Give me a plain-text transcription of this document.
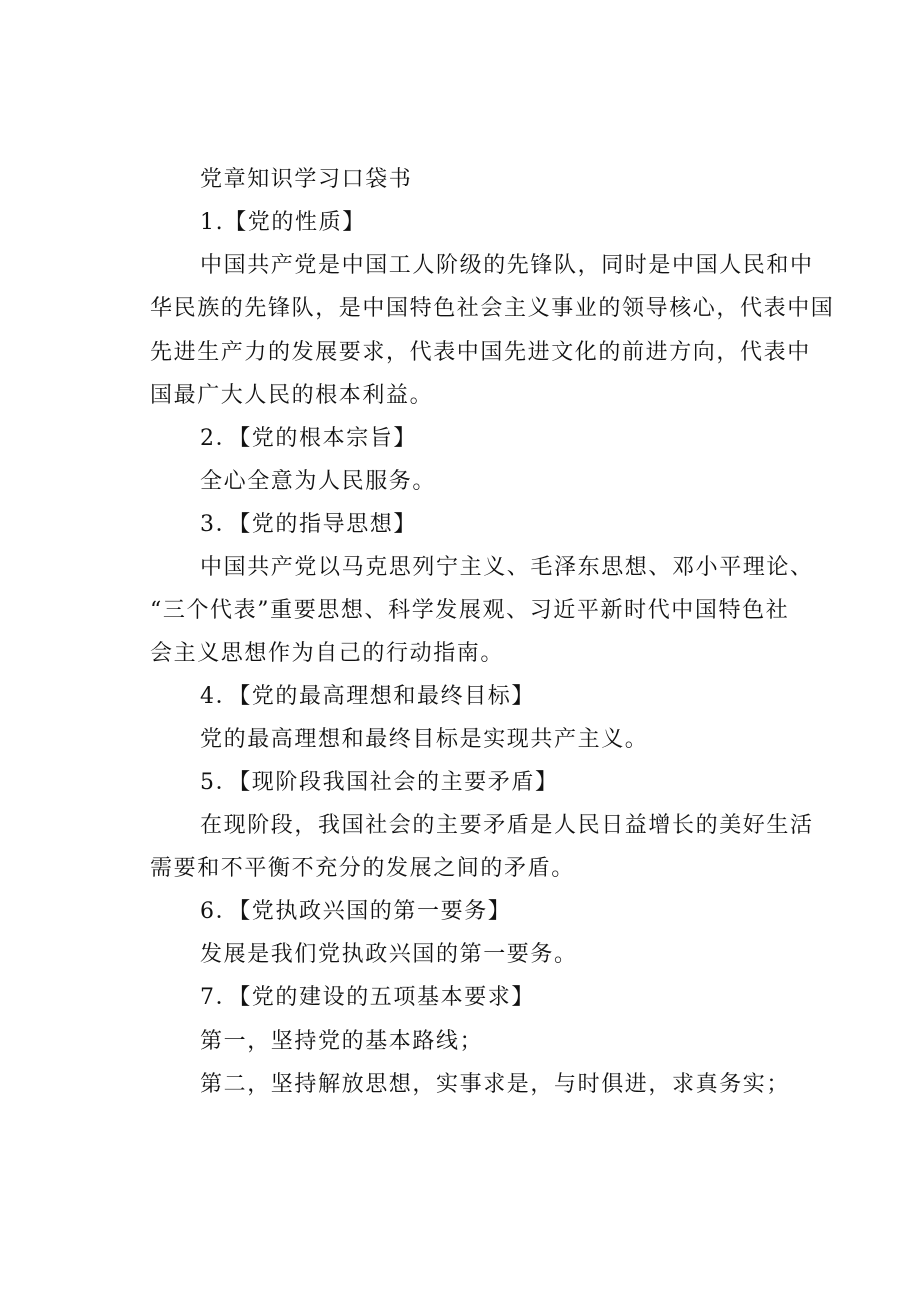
党章知识学习口袋书

1.【党的性质】

中国共产党是中国工人阶级的先锋队，同时是中国人民和中

华民族的先锋队，是中国特色社会主义事业的领导核心，代表中国

先进生产力的发展要求，代表中国先进文化的前进方向，代表中

国最广大人民的根本利益。

2．【党的根本宗旨】

全心全意为人民服务。

3．【党的指导思想】

中国共产党以马克思列宁主义、毛泽东思想、邓小平理论、

“三个代表”重要思想、科学发展观、习近平新时代中国特色社

会主义思想作为自己的行动指南。

4．【党的最高理想和最终目标】

党的最高理想和最终目标是实现共产主义。

5．【现阶段我国社会的主要矛盾】

在现阶段，我国社会的主要矛盾是人民日益增长的美好生活

需要和不平衡不充分的发展之间的矛盾。

6．【党执政兴国的第一要务】

发展是我们党执政兴国的第一要务。

7．【党的建设的五项基本要求】

第一，坚持党的基本路线；

第二，坚持解放思想，实事求是，与时俱进，求真务实；
